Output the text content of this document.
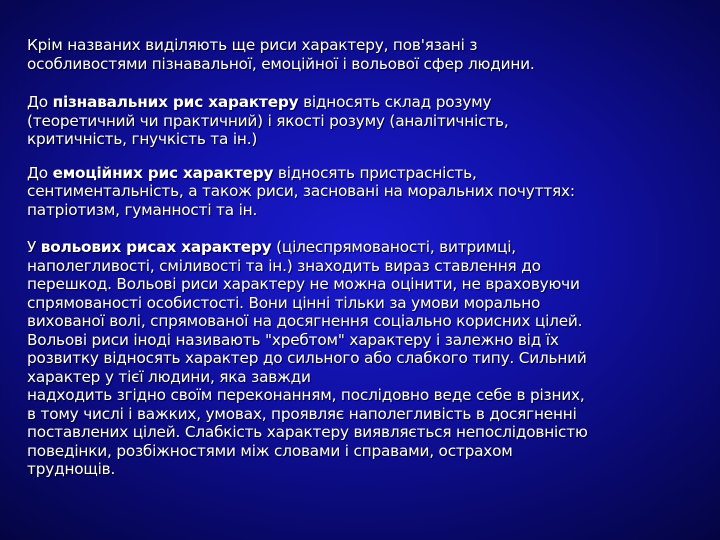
Крім названих виділяють ще риси характеру, пов'язані з
особливостями пізнавальної, емоційної і вольової сфер людини.

До пізнавальних рис характеру відносять склад розуму
(теоретичний чи практичний) і якості розуму (аналітичність,
критичність, гнучкість та ін.)

До емоційних рис характеру відносять пристрасність,
сентиментальність, а також риси, засновані на моральних почуттях:
патріотизм, гуманності та ін.

У вольових рисах характеру (цілеспрямованості, витримці,
наполегливості, сміливості та ін.) знаходить вираз ставлення до
перешкод. Вольові риси характеру не можна оцінити, не враховуючи
спрямованості особистості. Вони цінні тільки за умови морально
вихованої волі, спрямованої на досягнення соціально корисних цілей.
Вольові риси іноді називають "хребтом" характеру і залежно від їх
розвитку відносять характер до сильного або слабкого типу. Сильний
характер у тієї людини, яка завжди
надходить згідно своїм переконанням, послідовно веде себе в різних,
в тому числі і важких, умовах, проявляє наполегливість в досягненні
поставлених цілей. Слабкість характеру виявляється непослідовністю
поведінки, розбіжностями між словами і справами, острахом
труднощів.
